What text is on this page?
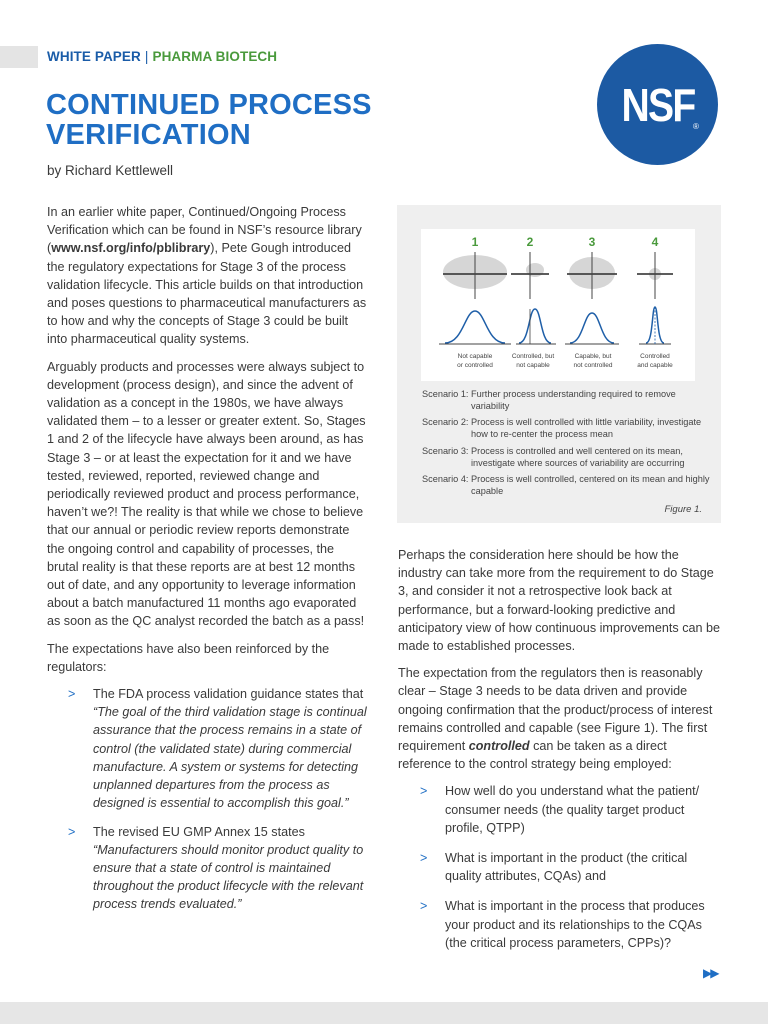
WHITE PAPER | PHARMA BIOTECH
CONTINUED PROCESS
VERIFICATION
by Richard Kettlewell
NSF
®

In an earlier white paper, Continued/Ongoing Process Verification which can be found in NSF’s resource library (www.nsf.org/info/pblibrary), Pete Gough introduced the regulatory expectations for Stage 3 of the process validation lifecycle. This article builds on that introduction and poses questions to pharmaceutical manufacturers as to how and why the concepts of Stage 3 could be built into pharmaceutical quality systems.

Arguably products and processes were always subject to development (process design), and since the advent of validation as a concept in the 1980s, we have always validated them – to a lesser or greater extent. So, Stages 1 and 2 of the lifecycle have always been around, as has Stage 3 – or at least the expectation for it and we have tested, reviewed, reported, reviewed change and periodically reviewed product and process performance, haven’t we?! The reality is that while we chose to believe that our annual or periodic review reports demonstrate the ongoing control and capability of processes, the brutal reality is that these reports are at best 12 months out of date, and any opportunity to leverage information about a batch manufactured 11 months ago evaporated as soon as the QC analyst recorded the batch as a pass!

The expectations have also been reinforced by the regulators:

> The FDA process validation guidance states that “The goal of the third validation stage is continual assurance that the process remains in a state of control (the validated state) during commercial manufacture. A system or systems for detecting unplanned departures from the process as designed is essential to accomplish this goal.”
> The revised EU GMP Annex 15 states “Manufacturers should monitor product quality to ensure that a state of control is maintained throughout the product lifecycle with the relevant process trends evaluated.”
1
Not capable
or controlled
2
Controlled, but
not capable
3
Capable, but
not controlled
4
Controlled
and capable
Scenario 1: Further process understanding required to remove variability
Scenario 2: Process is well controlled with little variability, investigate how to re-center the process mean
Scenario 3: Process is controlled and well centered on its mean, investigate where sources of variability are occurring
Scenario 4: Process is well controlled, centered on its mean and highly capable
Figure 1.

Perhaps the consideration here should be how the industry can take more from the requirement to do Stage 3, and consider it not a retrospective look back at performance, but a forward-looking predictive and anticipatory view of how continuous improvements can be made to established processes.

The expectation from the regulators then is reasonably clear – Stage 3 needs to be data driven and provide ongoing confirmation that the product/process of interest remains controlled and capable (see Figure 1). The first requirement controlled can be taken as a direct reference to the control strategy being employed:

> How well do you understand what the patient/ consumer needs (the quality target product profile, QTPP)
> What is important in the product (the critical quality attributes, CQAs) and
> What is important in the process that produces your product and its relationships to the CQAs (the critical process parameters, CPPs)?
▶▶
